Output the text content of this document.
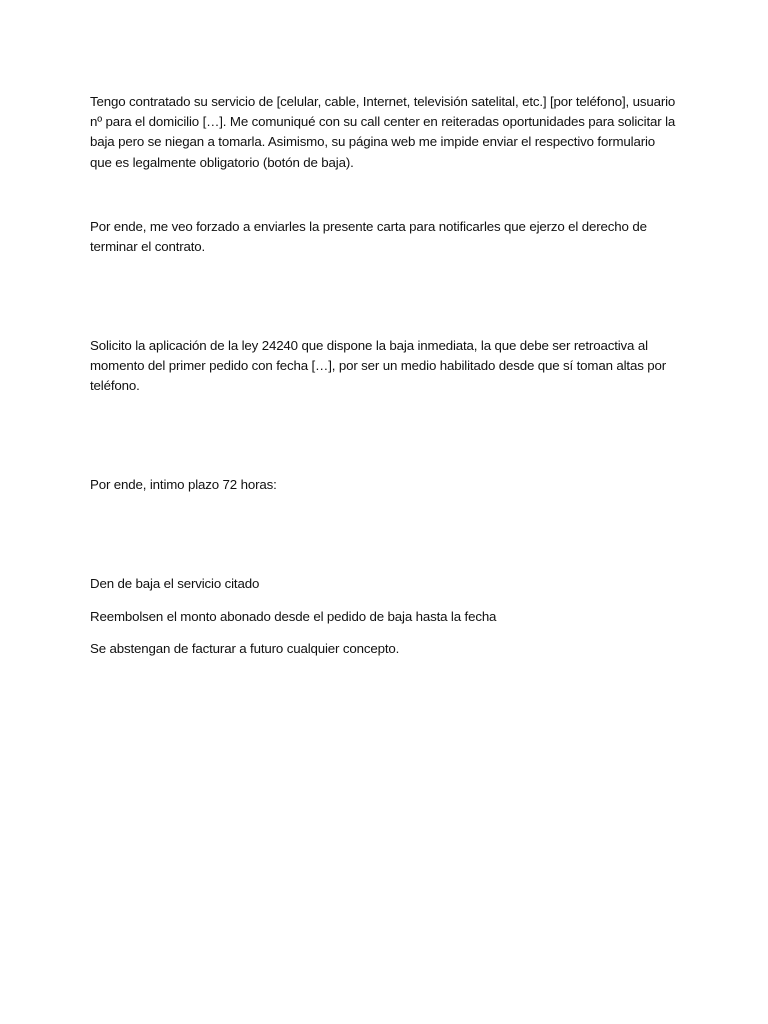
Tengo contratado su servicio de [celular, cable, Internet, televisión satelital, etc.] [por teléfono], usuario nº para el domicilio […]. Me comuniqué con su call center en reiteradas oportunidades para solicitar la baja pero se niegan a tomarla. Asimismo, su página web me impide enviar el respectivo formulario que es legalmente obligatorio (botón de baja).

Por ende, me veo forzado a enviarles la presente carta para notificarles que ejerzo el derecho de terminar el contrato.

Solicito la aplicación de la ley 24240 que dispone la baja inmediata, la que debe ser retroactiva al momento del primer pedido con fecha […], por ser un medio habilitado desde que sí toman altas por teléfono.

Por ende, intimo plazo 72 horas:

Den de baja el servicio citado

Reembolsen el monto abonado desde el pedido de baja hasta la fecha

Se abstengan de facturar a futuro cualquier concepto.
